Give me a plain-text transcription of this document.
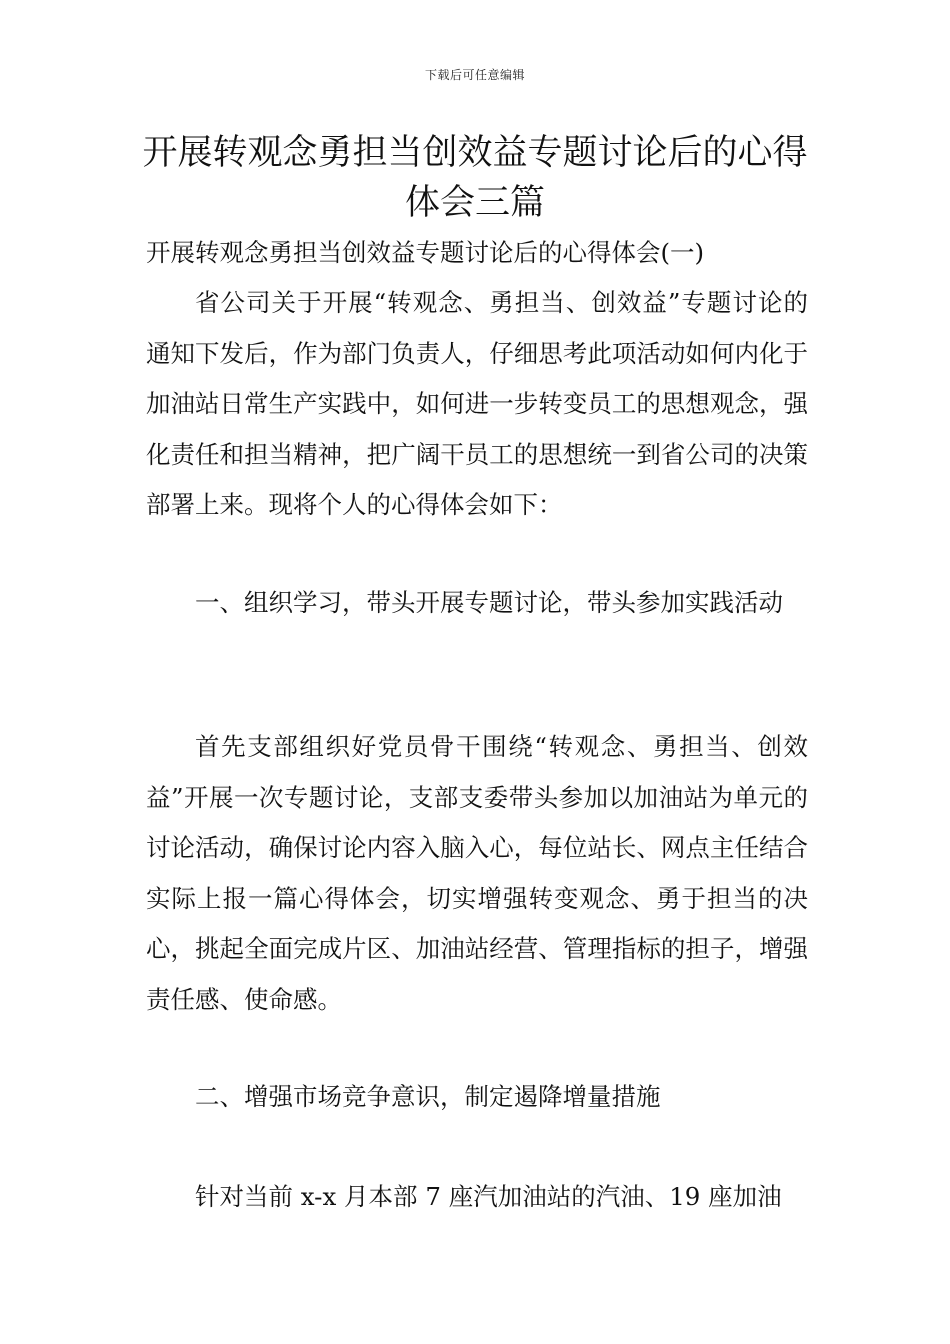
下载后可任意编辑
开展转观念勇担当创效益专题讨论后的心得体会三篇

开展转观念勇担当创效益专题讨论后的心得体会(一)

省公司关于开展“转观念、勇担当、创效益”专题讨论的通知下发后，作为部门负责人，仔细思考此项活动如何内化于加油站日常生产实践中，如何进一步转变员工的思想观念，强化责任和担当精神，把广阔干员工的思想统一到省公司的决策部署上来。现将个人的心得体会如下：

一、组织学习，带头开展专题讨论，带头参加实践活动

首先支部组织好党员骨干围绕“转观念、勇担当、创效益”开展一次专题讨论，支部支委带头参加以加油站为单元的讨论活动，确保讨论内容入脑入心，每位站长、网点主任结合实际上报一篇心得体会，切实增强转变观念、勇于担当的决心，挑起全面完成片区、加油站经营、管理指标的担子，增强责任感、使命感。

二、增强市场竞争意识，制定遏降增量措施

针对当前 x-x 月本部 7 座汽加油站的汽油、19 座加油
